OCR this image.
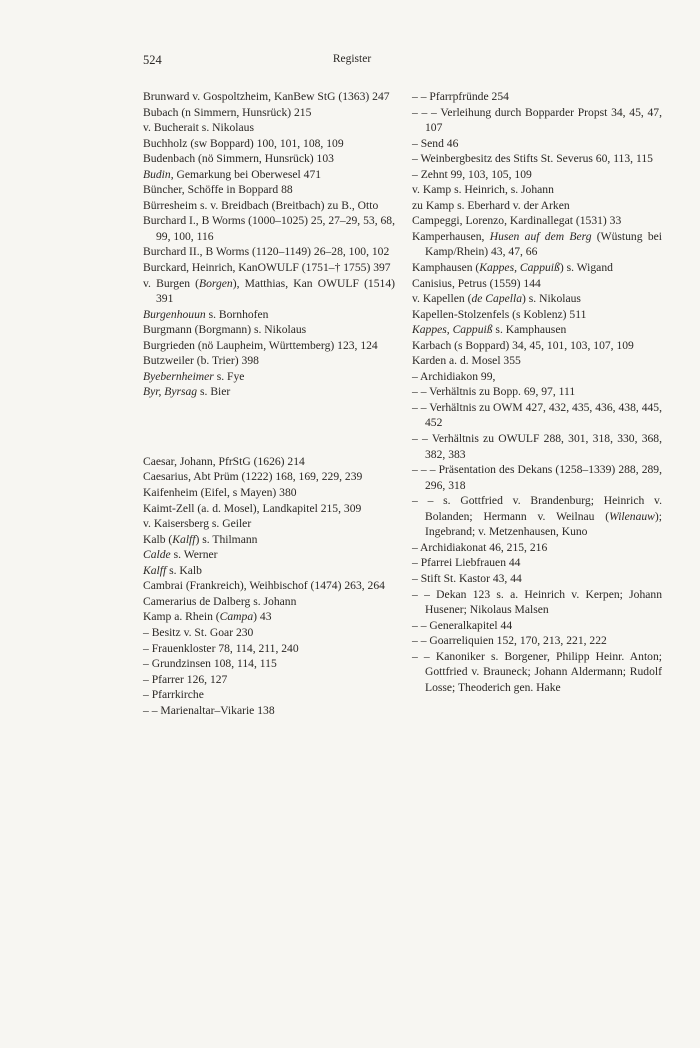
524	Register
Brunward v. Gospoltzheim, KanBew StG (1363) 247
Bubach (n Simmern, Hunsrück) 215
v. Bucherait s. Nikolaus
Buchholz (sw Boppard) 100, 101, 108, 109
Budenbach (nö Simmern, Hunsrück) 103
Budin, Gemarkung bei Oberwesel 471
Büncher, Schöffe in Boppard 88
Bürresheim s. v. Breidbach (Breitbach) zu B., Otto
Burchard I., B Worms (1000–1025) 25, 27–29, 53, 68, 99, 100, 116
Burchard II., B Worms (1120–1149) 26–28, 100, 102
Burckard, Heinrich, KanOWULF (1751–† 1755) 397
v. Burgen (Borgen), Matthias, Kan OWULF (1514) 391
Burgenhouun s. Bornhofen
Burgmann (Borgmann) s. Nikolaus
Burgrieden (nö Laupheim, Württemberg) 123, 124
Butzweiler (b. Trier) 398
Byebernheimer s. Fye
Byr, Byrsag s. Bier
Caesar, Johann, PfrStG (1626) 214
Caesarius, Abt Prüm (1222) 168, 169, 229, 239
Kaifenheim (Eifel, s Mayen) 380
Kaimt-Zell (a. d. Mosel), Landkapitel 215, 309
v. Kaisersberg s. Geiler
Kalb (Kalff) s. Thilmann
Calde s. Werner
Kalff s. Kalb
Cambrai (Frankreich), Weihbischof (1474) 263, 264
Camerarius de Dalberg s. Johann
Kamp a. Rhein (Campa) 43
– Besitz v. St. Goar 230
– Frauenkloster 78, 114, 211, 240
– Grundzinsen 108, 114, 115
– Pfarrer 126, 127
– Pfarrkirche
– – Marienaltar–Vikarie 138
– – Pfarrpfründe 254
– – – Verleihung durch Bopparder Propst 34, 45, 47, 107
– Send 46
– Weinbergbesitz des Stifts St. Severus 60, 113, 115
– Zehnt 99, 103, 105, 109
v. Kamp s. Heinrich, s. Johann
zu Kamp s. Eberhard v. der Arken
Campeggi, Lorenzo, Kardinallegat (1531) 33
Kamperhausen, Husen auf dem Berg (Wüstung bei Kamp/Rhein) 43, 47, 66
Kamphausen (Kappes, Cappuiß) s. Wigand
Canisius, Petrus (1559) 144
v. Kapellen (de Capella) s. Nikolaus
Kapellen-Stolzenfels (s Koblenz) 511
Kappes, Cappuiß s. Kamphausen
Karbach (s Boppard) 34, 45, 101, 103, 107, 109
Karden a. d. Mosel 355
– Archidiakon 99,
– – Verhältnis zu Bopp. 69, 97, 111
– – Verhältnis zu OWM 427, 432, 435, 436, 438, 445, 452
– – Verhältnis zu OWULF 288, 301, 318, 330, 368, 382, 383
– – – Präsentation des Dekans (1258–1339) 288, 289, 296, 318
– – s. Gottfried v. Brandenburg; Heinrich v. Bolanden; Hermann v. Weilnau (Wilenauw); Ingebrand; v. Metzenhausen, Kuno
– Archidiakonat 46, 215, 216
– Pfarrei Liebfrauen 44
– Stift St. Kastor 43, 44
– – Dekan 123 s. a. Heinrich v. Kerpen; Johann Husener; Nikolaus Malsen
– – Generalkapitel 44
– – Goarreliquien 152, 170, 213, 221, 222
– – Kanoniker s. Borgener, Philipp Heinr. Anton; Gottfried v. Brauneck; Johann Aldermann; Rudolf Losse; Theoderich gen. Hake
